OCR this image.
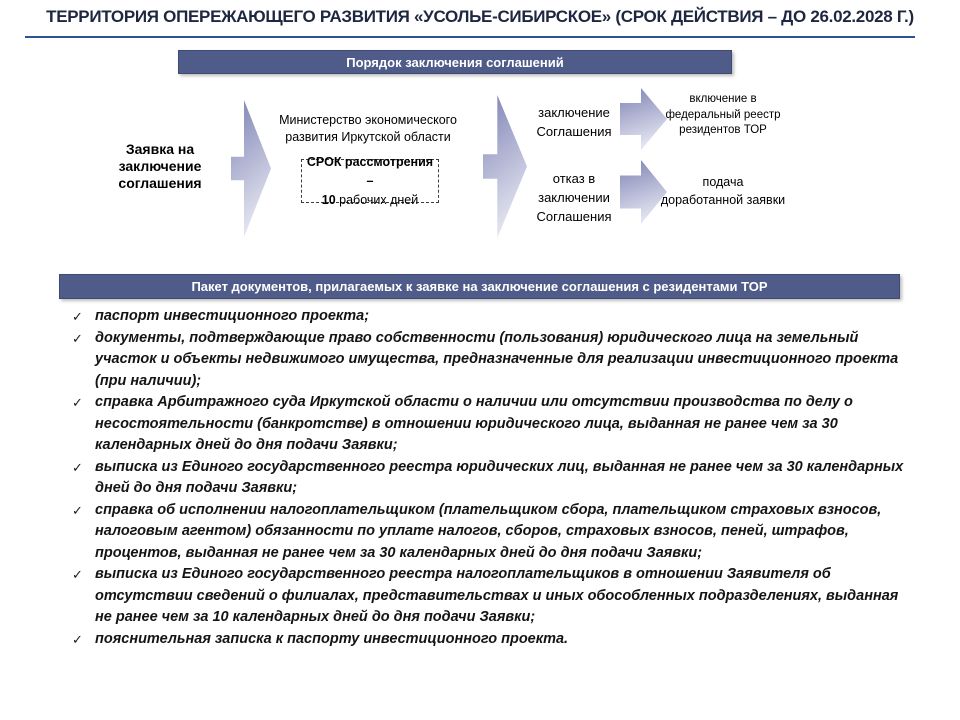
ТЕРРИТОРИЯ ОПЕРЕЖАЮЩЕГО РАЗВИТИЯ «УСОЛЬЕ-СИБИРСКОЕ» (СРОК ДЕЙСТВИЯ – ДО 26.02.2028 Г.)
Порядок заключения соглашений
Заявка на заключение соглашения
Министерство экономического развития Иркутской области
СРОК рассмотрения –
10 рабочих дней
заключение Соглашения
отказ в заключении Соглашения
включение в федеральный реестр резидентов ТОР
подача доработанной заявки
Пакет документов, прилагаемых к заявке на заключение соглашения с резидентами ТОР
✓ паспорт инвестиционного проекта;
✓ документы, подтверждающие право собственности (пользования) юридического лица на земельный участок и объекты недвижимого имущества, предназначенные для реализации инвестиционного проекта (при наличии);
✓ справка Арбитражного суда Иркутской области о наличии или отсутствии производства по делу о несостоятельности (банкротстве) в отношении юридического лица, выданная не ранее чем за 30 календарных дней до дня подачи Заявки;
✓ выписка из Единого государственного реестра юридических лиц, выданная не ранее чем за 30 календарных дней до дня подачи Заявки;
✓ справка об исполнении налогоплательщиком (плательщиком сбора, плательщиком страховых взносов, налоговым агентом) обязанности по уплате налогов, сборов, страховых взносов, пеней, штрафов, процентов, выданная не ранее чем за 30 календарных дней до дня подачи Заявки;
✓ выписка из Единого государственного реестра налогоплательщиков в отношении Заявителя об отсутствии сведений о филиалах, представительствах и иных обособленных подразделениях, выданная не ранее чем за 10 календарных дней до дня подачи Заявки;
✓ пояснительная записка к паспорту инвестиционного проекта.
